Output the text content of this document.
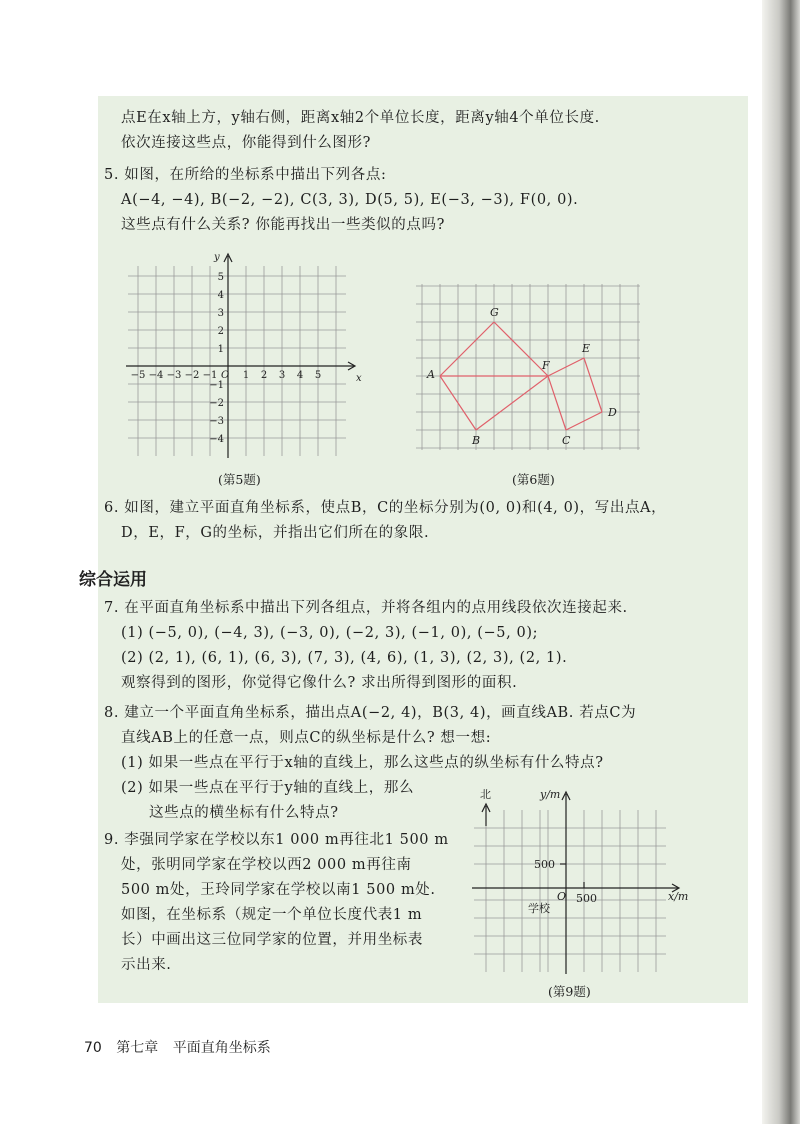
点E在x轴上方，y轴右侧，距离x轴2个单位长度，距离y轴4个单位长度.
依次连接这些点，你能得到什么图形?
5. 如图，在所给的坐标系中描出下列各点:
A(−4, −4), B(−2, −2), C(3, 3), D(5, 5), E(−3, −3), F(0, 0).
这些点有什么关系? 你能再找出一些类似的点吗?
x
y
O
−5 −4 −3 −2 −1	1 2 3 4 5
5
4
3
2
1
−1
−2
−3
−4
(第5题)
A
G
F
E
D
C
B
(第6题)
6. 如图，建立平面直角坐标系，使点B，C的坐标分别为(0, 0)和(4, 0)，写出点A，
D，E，F，G的坐标，并指出它们所在的象限.
综合运用
7. 在平面直角坐标系中描出下列各组点，并将各组内的点用线段依次连接起来.
(1) (−5, 0), (−4, 3), (−3, 0), (−2, 3), (−1, 0), (−5, 0);
(2) (2, 1), (6, 1), (6, 3), (7, 3), (4, 6), (1, 3), (2, 3), (2, 1).
观察得到的图形，你觉得它像什么? 求出所得到图形的面积.
8. 建立一个平面直角坐标系，描出点A(−2, 4)，B(3, 4)，画直线AB. 若点C为
直线AB上的任意一点，则点C的纵坐标是什么? 想一想:
(1) 如果一些点在平行于x轴的直线上，那么这些点的纵坐标有什么特点?
(2) 如果一些点在平行于y轴的直线上，那么
这些点的横坐标有什么特点?
9. 李强同学家在学校以东1 000 m再往北1 500 m
处，张明同学家在学校以西2 000 m再往南
500 m处，王玲同学家在学校以南1 500 m处.
如图，在坐标系（规定一个单位长度代表1 m
长）中画出这三位同学家的位置，并用坐标表
示出来.
北	y/m
x/m
O
500
500
学校
(第9题)
70 第七章 平面直角坐标系
